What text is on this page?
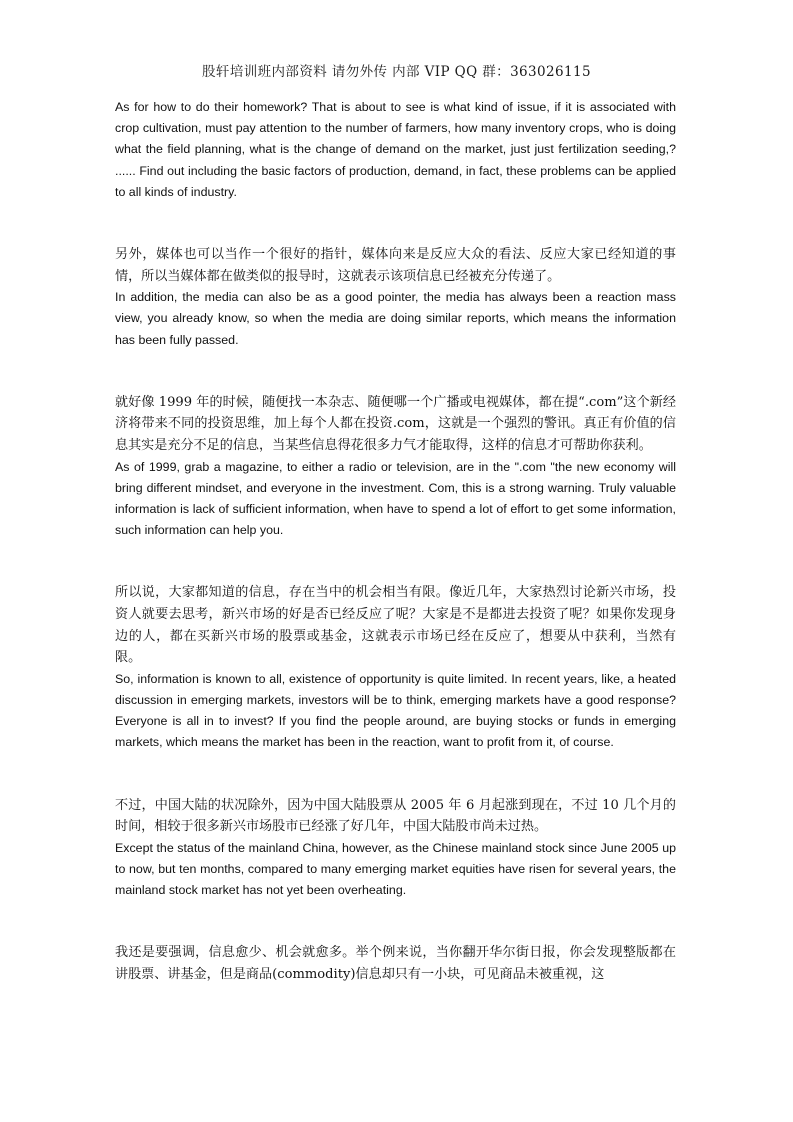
股轩培训班内部资料 请勿外传 内部 VIP QQ 群：363026115

As for how to do their homework? That is about to see is what kind of issue, if it is associated with crop cultivation, must pay attention to the number of farmers, how many inventory crops, who is doing what the field planning, what is the change of demand on the market, just just fertilization seeding,? ...... Find out including the basic factors of production, demand, in fact, these problems can be applied to all kinds of industry.

另外，媒体也可以当作一个很好的指针，媒体向来是反应大众的看法、反应大家已经知道的事情，所以当媒体都在做类似的报导时，这就表示该项信息已经被充分传递了。

In addition, the media can also be as a good pointer, the media has always been a reaction mass view, you already know, so when the media are doing similar reports, which means the information has been fully passed.

就好像 1999 年的时候，随便找一本杂志、随便哪一个广播或电视媒体，都在提“.com”这个新经济将带来不同的投资思维，加上每个人都在投资.com，这就是一个强烈的警讯。真正有价值的信息其实是充分不足的信息，当某些信息得花很多力气才能取得，这样的信息才可帮助你获利。

As of 1999, grab a magazine, to either a radio or television, are in the ".com "the new economy will bring different mindset, and everyone in the investment. Com, this is a strong warning. Truly valuable information is lack of sufficient information, when have to spend a lot of effort to get some information, such information can help you.

所以说，大家都知道的信息，存在当中的机会相当有限。像近几年，大家热烈讨论新兴市场，投资人就要去思考，新兴市场的好是否已经反应了呢？大家是不是都进去投资了呢？如果你发现身边的人，都在买新兴市场的股票或基金，这就表示市场已经在反应了，想要从中获利，当然有限。

So, information is known to all, existence of opportunity is quite limited. In recent years, like, a heated discussion in emerging markets, investors will be to think, emerging markets have a good response? Everyone is all in to invest? If you find the people around, are buying stocks or funds in emerging markets, which means the market has been in the reaction, want to profit from it, of course.

不过，中国大陆的状况除外，因为中国大陆股票从 2005 年 6 月起涨到现在，不过 10 几个月的时间，相较于很多新兴市场股市已经涨了好几年，中国大陆股市尚未过热。

Except the status of the mainland China, however, as the Chinese mainland stock since June 2005 up to now, but ten months, compared to many emerging market equities have risen for several years, the mainland stock market has not yet been overheating.

我还是要强调，信息愈少、机会就愈多。举个例来说，当你翻开华尔街日报，你会发现整版都在讲股票、讲基金，但是商品(commodity)信息却只有一小块，可见商品未被重视，这
